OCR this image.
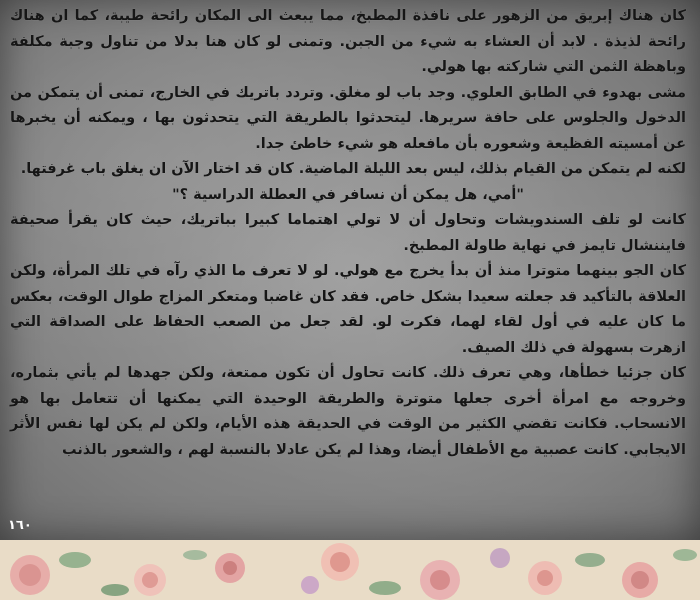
كان هناك إبريق من الزهور على نافذة المطبخ، مما يبعث الى المكان رائحة طيبة، كما ان هناك رائحة لذيذة . لابد أن العشاء به شيء من الجبن. وتمنى لو كان هنا بدلا من تناول وجبة مكلفة وباهظة الثمن التي شاركته بها هولي.

مشى بهدوء في الطابق العلوي. وجد باب لو مغلق. وتردد باتريك في الخارج، تمنى أن يتمكن من الدخول والجلوس على حافة سريرها. ليتحدثوا بالطريقة التي يتحدثون بها ، ويمكنه أن يخبرها عن أمسيته الفظيعة وشعوره بأن مافعله هو شيء خاطئ جدا.

لكنه لم يتمكن من القيام بذلك، ليس بعد الليلة الماضية. كان قد اختار الآن ان يغلق باب غرفتها.

"أمي، هل يمكن أن نسافر في العطلة الدراسية ؟"

كانت لو تلف السندويشات وتحاول أن لا تولي اهتماما كبيرا بباتريك، حيث كان يقرأ صحيفة فايننشال تايمز في نهاية طاولة المطبخ.

كان الجو بينهما متوترا منذ أن بدأ يخرج مع هولي. لو لا تعرف ما الذي رآه في تلك المرأة، ولكن العلاقة بالتأكيد قد جعلته سعيدا بشكل خاص. فقد كان غاضبا ومتعكر المزاج طوال الوقت، بعكس ما كان عليه في أول لقاء لهما، فكرت لو. لقد جعل من الصعب الحفاظ على الصداقة التي ازهرت بسهولة في ذلك الصيف.

كان جزئيا خطأها، وهي تعرف ذلك. كانت تحاول أن تكون ممتعة، ولكن جهدها لم يأتي بثماره، وخروجه مع امرأة أخرى جعلها متوترة والطريقة الوحيدة التي يمكنها أن تتعامل بها هو الانسحاب. فكانت تقضي الكثير من الوقت في الحديقة هذه الأيام، ولكن لم يكن لها نفس الأثر الايجابي. كانت عصبية مع الأطفال أيضا، وهذا لم يكن عادلا بالنسبة لهم ، والشعور بالذنب

١٦٠
